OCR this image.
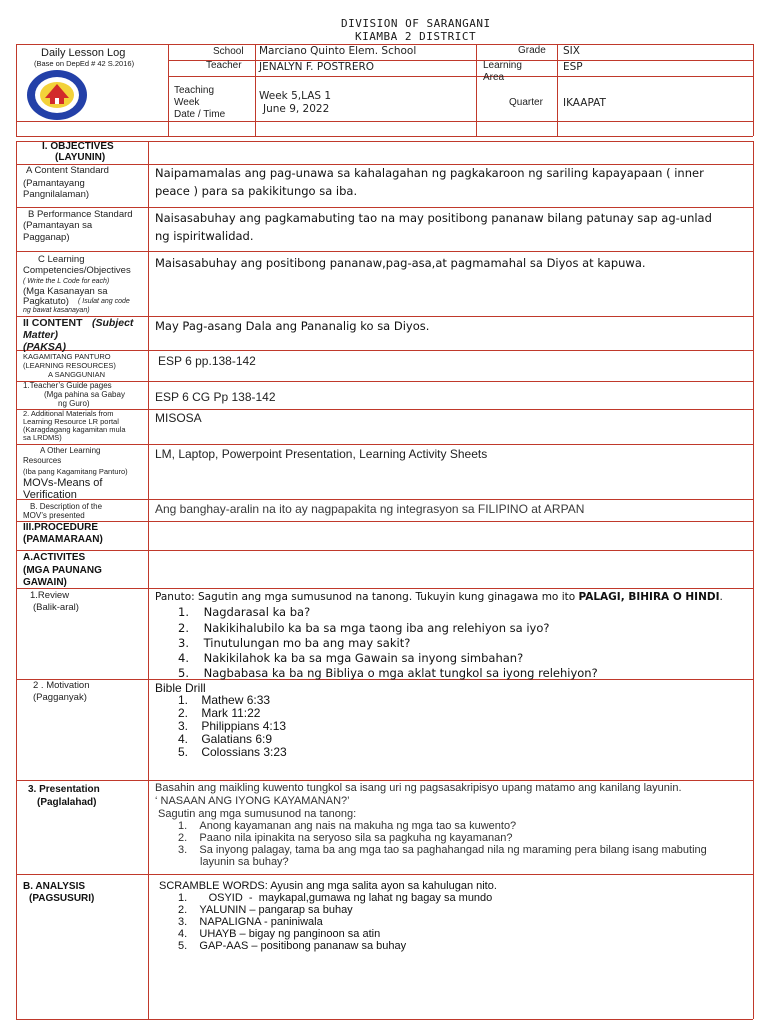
DIVISION OF SARANGANI
KIAMBA 2 DISTRICT
Daily Lesson Log
(Base on DepEd # 42 S.2016)
School Marciano Quinto Elem. School
Teacher JENALYN F. POSTRERO
Teaching
Week
Date / Time
Week 5,LAS 1
June 9, 2022
Grade SIX
Learning
Area
ESP
Quarter IKAAPAT
I. OBJECTIVES
(LAYUNIN)
A Content Standard
(Pamantayang
Pangnilalaman)
Naipamamalas ang pag-unawa sa kahalagahan ng pagkakaroon ng sariling kapayapaan ( inner
peace ) para sa pakikitungo sa iba.
B Performance Standard
(Pamantayan sa
Pagganap)
Naisasabuhay ang pagkamabuting tao na may positibong pananaw bilang patunay sap ag-unlad
ng ispiritwalidad.
C Learning
Competencies/Objectives
( Write the L Code for each)
(Mga Kasanayan sa
Pagkatuto) ( Isulat ang code
ng bawat kasanayan)
Maisasabuhay ang positibong pananaw,pag-asa,at pagmamahal sa Diyos at kapuwa.
II CONTENT (Subject
Matter)
(PAKSA)
May Pag-asang Dala ang Pananalig ko sa Diyos.
KAGAMITANG PANTURO
(LEARNING RESOURCES)
A SANGGUNIAN
ESP 6 pp.138-142
1.Teacher’s Guide pages
(Mga pahina sa Gabay
ng Guro)	ESP 6 CG Pp 138-142
2. Additional Materials from
Learning Resource LR portal
(Karagdagang kagamitan mula
sa LRDMS)
MISOSA
A Other Learning
Resources
(Iba pang Kagamitang Panturo)
MOVs-Means of
Verification
LM, Laptop, Powerpoint Presentation, Learning Activity Sheets
B. Description of the
MOV’s presented	Ang banghay-aralin na ito ay nagpapakita ng integrasyon sa FILIPINO at ARPAN
III.PROCEDURE
(PAMAMARAAN)
A.ACTIVITES
(MGA PAUNANG
GAWAIN)
1.Review
(Balik-aral)
Panuto: Sagutin ang mga sumusunod na tanong. Tukuyin kung ginagawa mo ito PALAGI, BIHIRA O HINDI.
1.    Nagdarasal ka ba?
2.    Nakikihalubilo ka ba sa mga taong iba ang relehiyon sa iyo?
3.    Tinutulungan mo ba ang may sakit?
4.    Nakikilahok ka ba sa mga Gawain sa inyong simbahan?
5.    Nagbabasa ka ba ng Bibliya o mga aklat tungkol sa iyong relehiyon?
2 . Motivation
(Pagganyak)
Bible Drill
1.    Mathew 6:33
2.    Mark 11:22
3.    Philippians 4:13
4.    Galatians 6:9
5.    Colossians 3:23
3. Presentation
(Paglalahad)
Basahin ang maikling kuwento tungkol sa isang uri ng pagsasakripisyo upang matamo ang kanilang layunin.
‘ NASAAN ANG IYONG KAYAMANAN?’
Sagutin ang mga sumusunod na tanong:
1.    Anong kayamanan ang nais na makuha ng mga tao sa kuwento?
2.    Paano nila ipinakita na seryoso sila sa pagkuha ng kayamanan?
3.    Sa inyong palagay, tama ba ang mga tao sa paghahangad nila ng maraming pera bilang isang mabuting
layunin sa buhay?
B. ANALYSIS
(PAGSUSURI)
SCRAMBLE WORDS: Ayusin ang mga salita ayon sa kahulugan nito.
1.       OSYID  -  maykapal,gumawa ng lahat ng bagay sa mundo
2.    YALUNIN – pangarap sa buhay
3.    NAPALIGNA - paniniwala
4.    UHAYB – bigay ng panginoon sa atin
5.    GAP-AAS – positibong pananaw sa buhay
